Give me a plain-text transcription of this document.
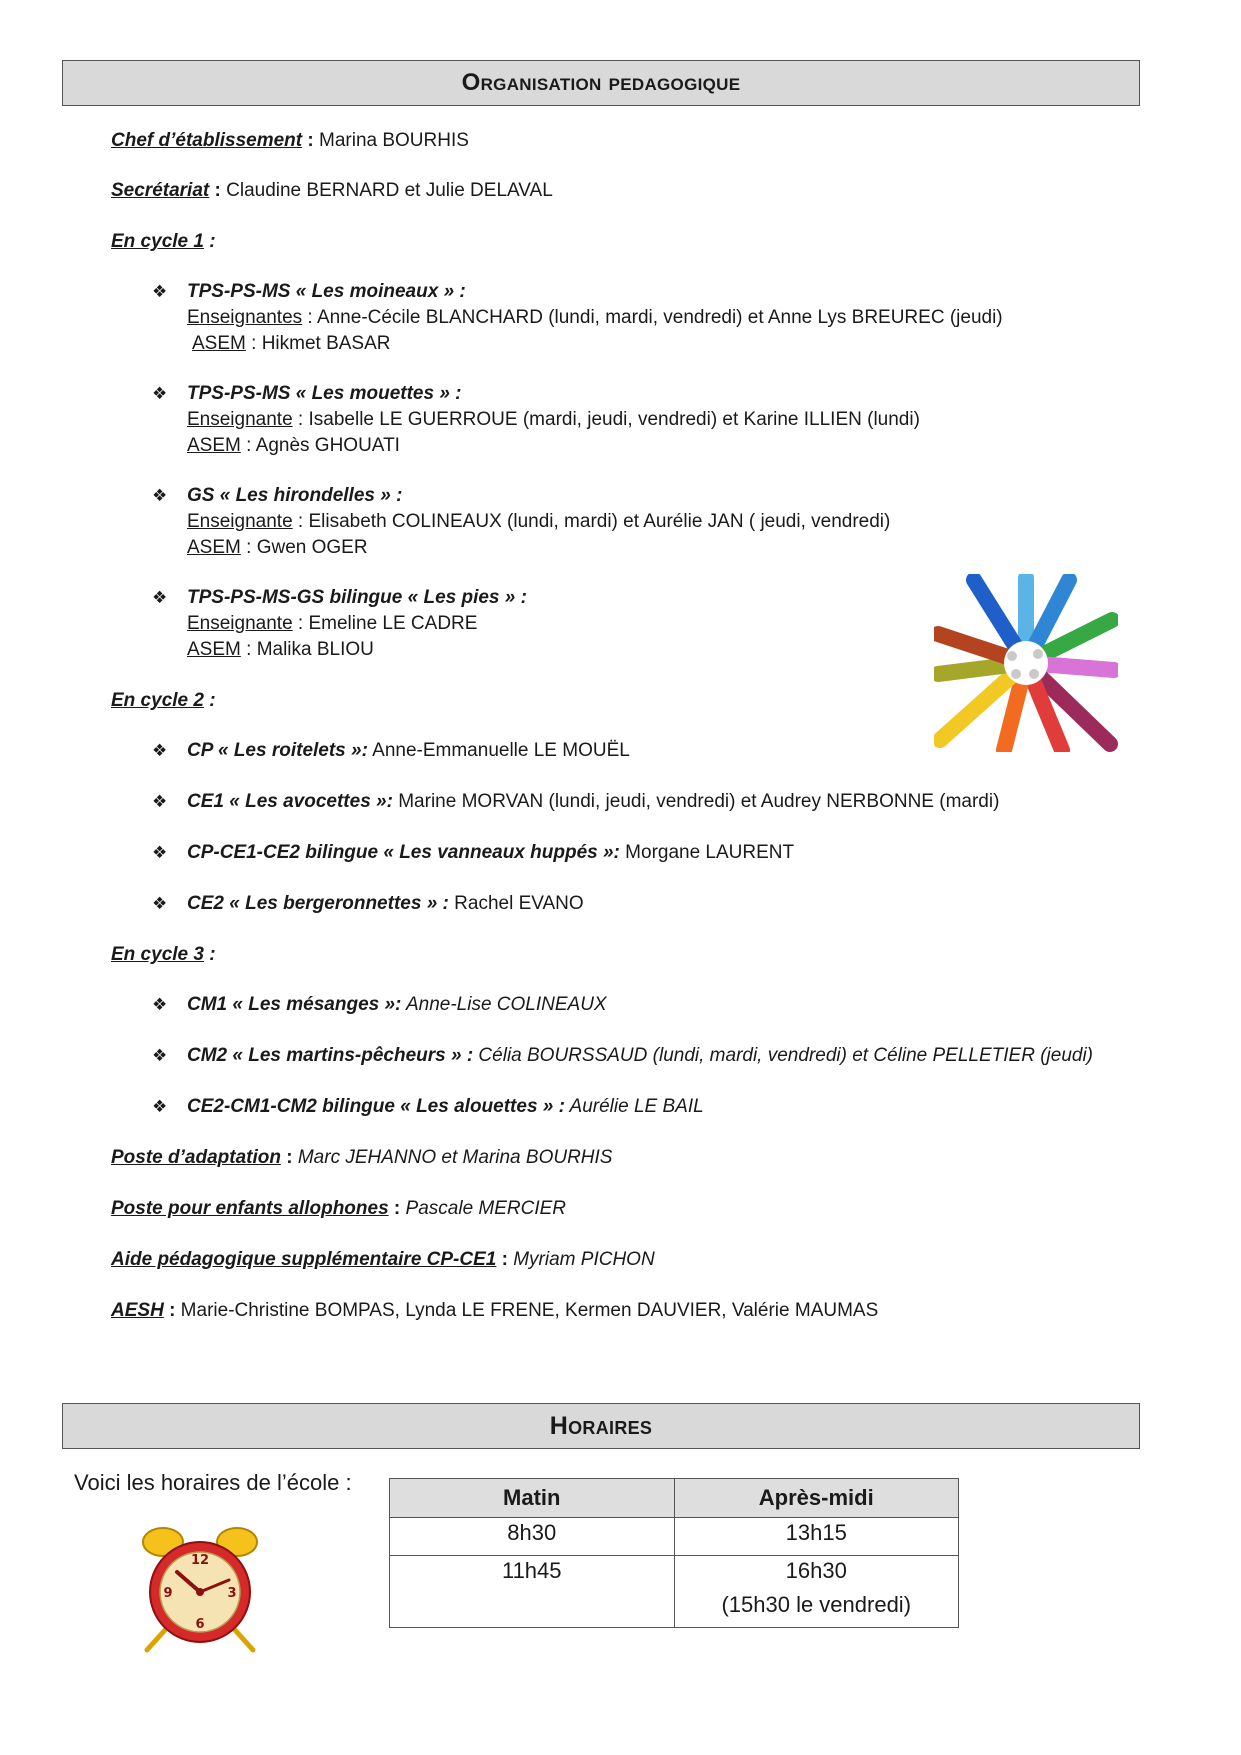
Organisation pedagogique
Chef d’établissement : Marina BOURHIS
Secrétariat : Claudine BERNARD et Julie DELAVAL
En cycle 1 :
❖ TPS-PS-MS « Les moineaux » :
Enseignantes : Anne-Cécile BLANCHARD (lundi, mardi, vendredi) et Anne Lys BREUREC (jeudi)
ASEM : Hikmet BASAR
❖ TPS-PS-MS « Les mouettes » :
Enseignante : Isabelle LE GUERROUE (mardi, jeudi, vendredi) et Karine ILLIEN (lundi)
ASEM : Agnès GHOUATI
❖ GS « Les hirondelles » :
Enseignante : Elisabeth COLINEAUX (lundi, mardi) et Aurélie JAN ( jeudi, vendredi)
ASEM : Gwen OGER
❖ TPS-PS-MS-GS bilingue « Les pies » :
Enseignante : Emeline LE CADRE
ASEM : Malika BLIOU
En cycle 2 :
❖ CP « Les roitelets »: Anne-Emmanuelle LE MOUËL
❖ CE1 « Les avocettes »: Marine MORVAN (lundi, jeudi, vendredi) et Audrey NERBONNE (mardi)
❖ CP-CE1-CE2 bilingue « Les vanneaux huppés »: Morgane LAURENT
❖ CE2 « Les bergeronnettes » : Rachel EVANO
En cycle 3 :
❖ CM1 « Les mésanges »: Anne-Lise COLINEAUX
❖ CM2 « Les martins-pêcheurs » : Célia BOURSSAUD (lundi, mardi, vendredi) et Céline PELLETIER (jeudi)
❖ CE2-CM1-CM2 bilingue « Les alouettes » : Aurélie LE BAIL
Poste d’adaptation : Marc JEHANNO et Marina BOURHIS
Poste pour enfants allophones : Pascale MERCIER
Aide pédagogique supplémentaire CP-CE1 : Myriam PICHON
AESH : Marie-Christine BOMPAS, Lynda LE FRENE, Kermen DAUVIER, Valérie MAUMAS
Horaires
Voici les horaires de l’école :
12
3
6
9
Matin	Après-midi
8h30	13h15
11h45	16h30
(15h30 le vendredi)
